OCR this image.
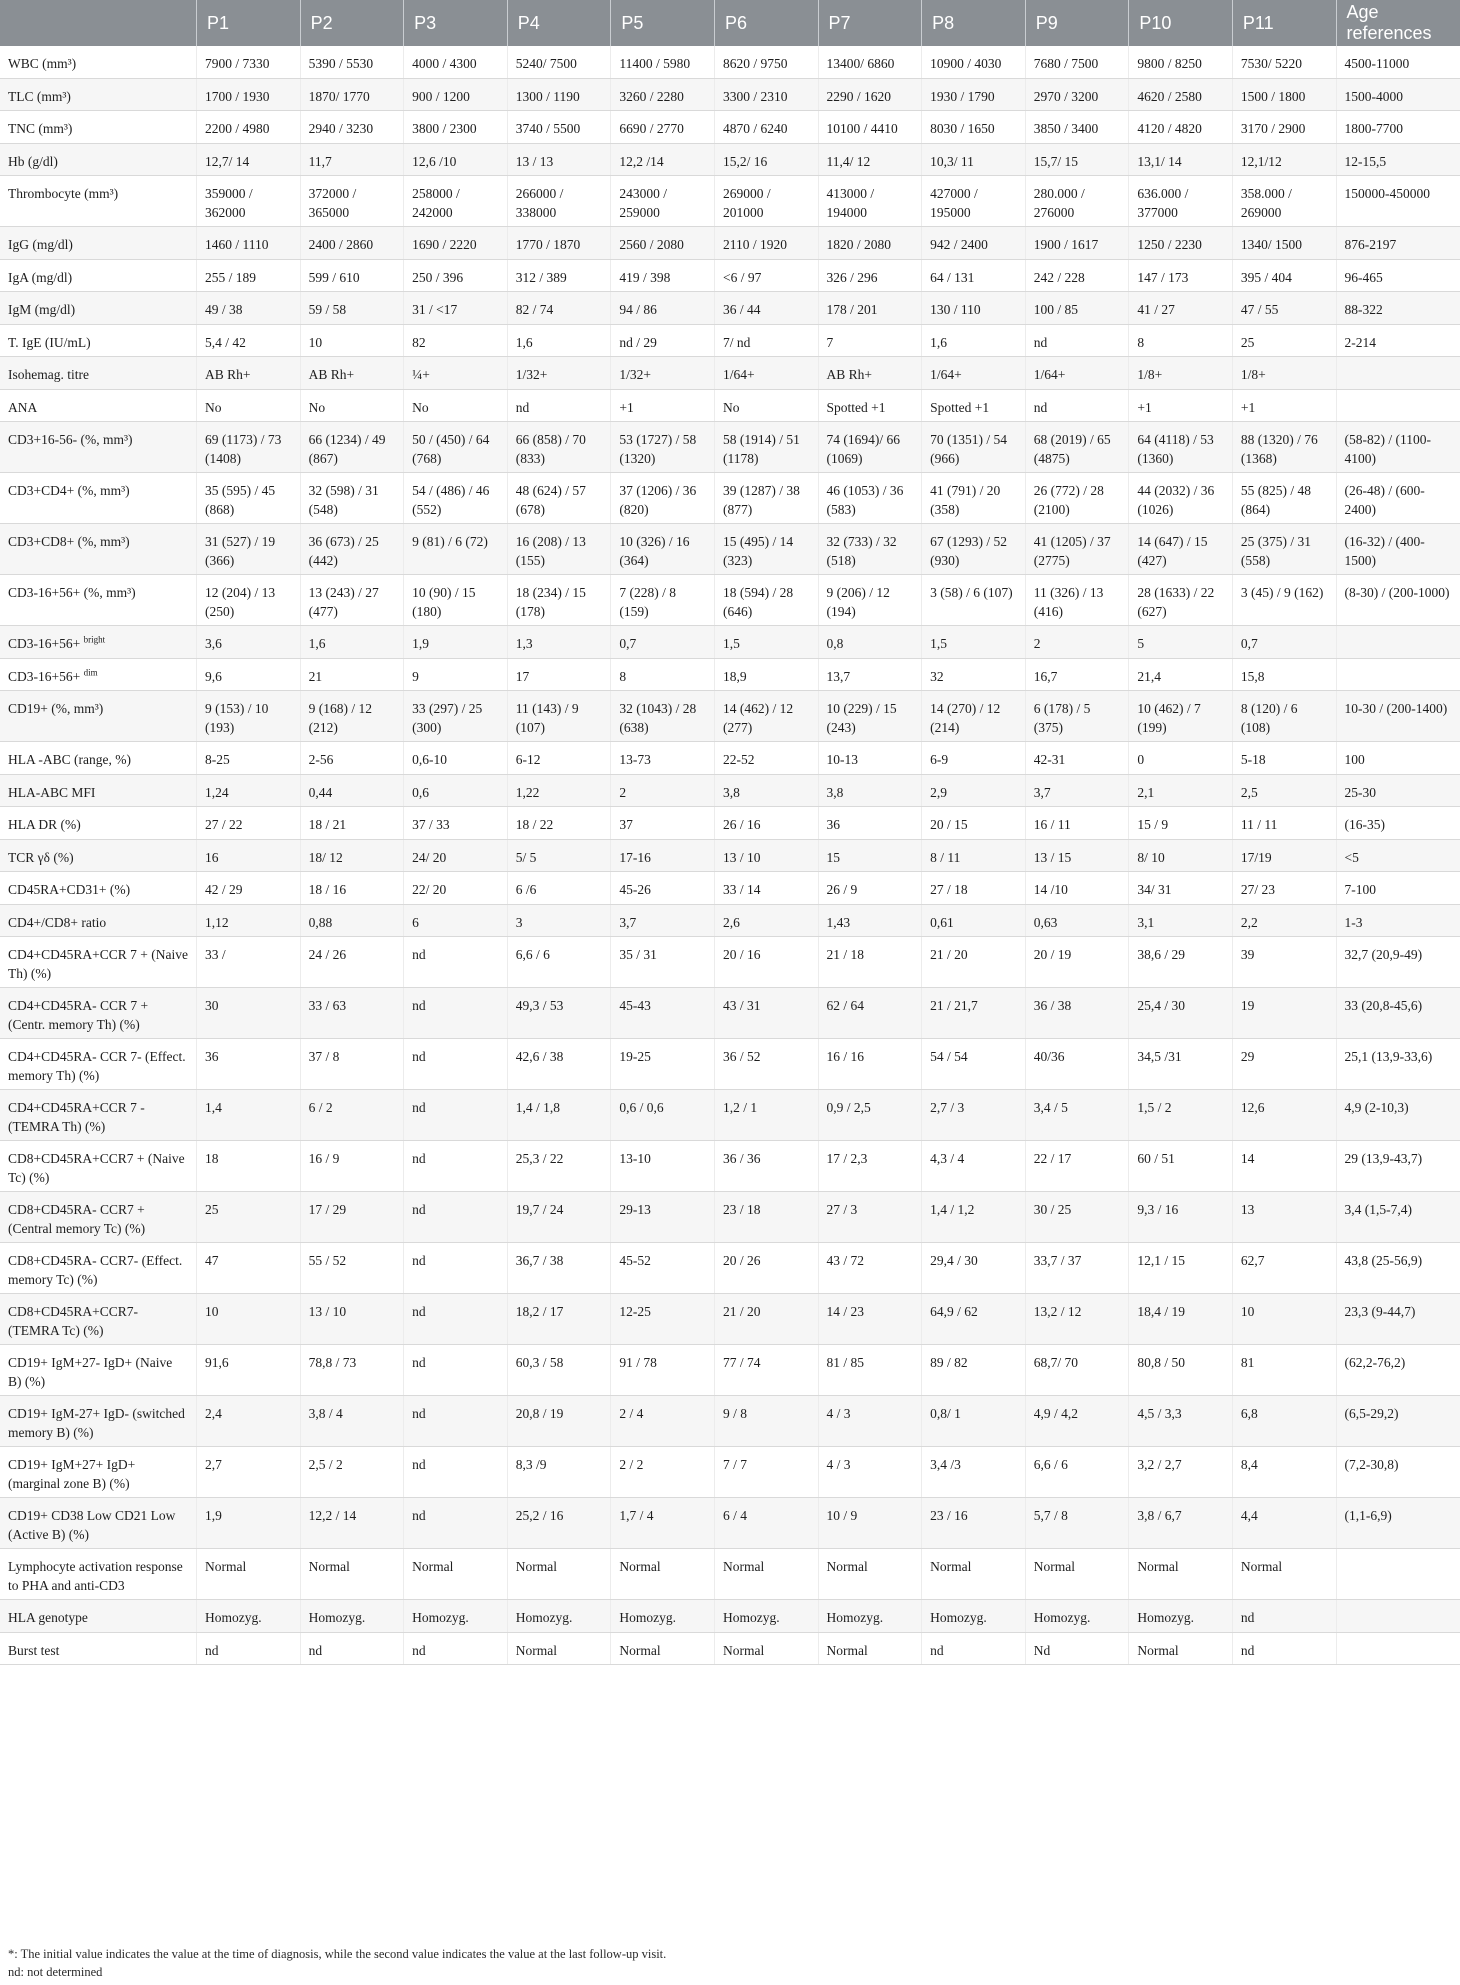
	P1	P2	P3	P4	P5	P6	P7	P8	P9	P10	P11	Age references
WBC (mm³)	7900 / 7330	5390 / 5530	4000 / 4300	5240/ 7500	11400 / 5980	8620 / 9750	13400/ 6860	10900 / 4030	7680 / 7500	9800 / 8250	7530/ 5220	4500-11000
TLC (mm³)	1700 / 1930	1870/ 1770	900 / 1200	1300 / 1190	3260 / 2280	3300 / 2310	2290 / 1620	1930 / 1790	2970 / 3200	4620 / 2580	1500 / 1800	1500-4000
TNC (mm³)	2200 / 4980	2940 / 3230	3800 / 2300	3740 / 5500	6690 / 2770	4870 / 6240	10100 / 4410	8030 / 1650	3850 / 3400	4120 / 4820	3170 / 2900	1800-7700
Hb (g/dl)	12,7/ 14	11,7	12,6 /10	13 / 13	12,2 /14	15,2/ 16	11,4/ 12	10,3/ 11	15,7/ 15	13,1/ 14	12,1/12	12-15,5
Thrombocyte (mm³)	359000 / 362000	372000 / 365000	258000 / 242000	266000 / 338000	243000 / 259000	269000 / 201000	413000 / 194000	427000 / 195000	280.000 / 276000	636.000 / 377000	358.000 / 269000	150000-450000
IgG (mg/dl)	1460 / 1110	2400 / 2860	1690 / 2220	1770 / 1870	2560 / 2080	2110 / 1920	1820 / 2080	942 / 2400	1900 / 1617	1250 / 2230	1340/ 1500	876-2197
IgA (mg/dl)	255 / 189	599 / 610	250 / 396	312 / 389	419 / 398	<6 / 97	326 / 296	64 / 131	242 / 228	147 / 173	395 / 404	96-465
IgM (mg/dl)	49 / 38	59 / 58	31 / <17	82 / 74	94 / 86	36 / 44	178 / 201	130 / 110	100 / 85	41 / 27	47 / 55	88-322
T. IgE (IU/mL)	5,4 / 42	10	82	1,6	nd / 29	7/ nd	7	1,6	nd	8	25	2-214
Isohemag. titre	AB Rh+	AB Rh+	¼+	1/32+	1/32+	1/64+	AB Rh+	1/64+	1/64+	1/8+	1/8+	
ANA	No	No	No	nd	+1	No	Spotted +1	Spotted +1	nd	+1	+1	
CD3+16-56- (%, mm³)	69 (1173) / 73 (1408)	66 (1234) / 49 (867)	50 / (450) / 64 (768)	66 (858) / 70 (833)	53 (1727) / 58 (1320)	58 (1914) / 51 (1178)	74 (1694)/ 66 (1069)	70 (1351) / 54 (966)	68 (2019) / 65 (4875)	64 (4118) / 53 (1360)	88 (1320) / 76 (1368)	(58-82) / (1100-4100)
CD3+CD4+ (%, mm³)	35 (595) / 45 (868)	32 (598) / 31 (548)	54 / (486) / 46 (552)	48 (624) / 57 (678)	37 (1206) / 36 (820)	39 (1287) / 38 (877)	46 (1053) / 36 (583)	41 (791) / 20 (358)	26 (772) / 28 (2100)	44 (2032) / 36 (1026)	55 (825) / 48 (864)	(26-48) / (600-2400)
CD3+CD8+ (%, mm³)	31 (527) / 19 (366)	36 (673) / 25 (442)	9 (81) / 6 (72)	16 (208) / 13 (155)	10 (326) / 16 (364)	15 (495) / 14 (323)	32 (733) / 32 (518)	67 (1293) / 52 (930)	41 (1205) / 37 (2775)	14 (647) / 15 (427)	25 (375) / 31 (558)	(16-32) / (400-1500)
CD3-16+56+ (%, mm³)	12 (204) / 13 (250)	13 (243) / 27 (477)	10 (90) / 15 (180)	18 (234) / 15 (178)	7 (228) / 8 (159)	18 (594) / 28 (646)	9 (206) / 12 (194)	3 (58) / 6 (107)	11 (326) / 13 (416)	28 (1633) / 22 (627)	3 (45) / 9 (162)	(8-30) / (200-1000)
CD3-16+56+ $^{bright}$	3,6	1,6	1,9	1,3	0,7	1,5	0,8	1,5	2	5	0,7	
CD3-16+56+ $^{dim}$	9,6	21	9	17	8	18,9	13,7	32	16,7	21,4	15,8	
CD19+ (%, mm³)	9 (153) / 10 (193)	9 (168) / 12 (212)	33 (297) / 25 (300)	11 (143) / 9 (107)	32 (1043) / 28 (638)	14 (462) / 12 (277)	10 (229) / 15 (243)	14 (270) / 12 (214)	6 (178) / 5 (375)	10 (462) / 7 (199)	8 (120) / 6 (108)	10-30 / (200-1400)
HLA -ABC (range, %)	8-25	2-56	0,6-10	6-12	13-73	22-52	10-13	6-9	42-31	0	5-18	100
HLA-ABC MFI	1,24	0,44	0,6	1,22	2	3,8	3,8	2,9	3,7	2,1	2,5	25-30
HLA DR (%)	27 / 22	18 / 21	37 / 33	18 / 22	37	26 / 16	36	20 / 15	16 / 11	15 / 9	11 / 11	(16-35)
TCR γδ (%)	16	18/ 12	24/ 20	5/ 5	17-16	13 / 10	15	8 / 11	13 / 15	8/ 10	17/19	<5
CD45RA+CD31+ (%)	42 / 29	18 / 16	22/ 20	6 /6	45-26	33 / 14	26 / 9	27 / 18	14 /10	34/ 31	27/ 23	7-100
CD4+/CD8+ ratio	1,12	0,88	6	3	3,7	2,6	1,43	0,61	0,63	3,1	2,2	1-3
CD4+CD45RA+CCR 7 + (Naive Th) (%)	33 /	24 / 26	nd	6,6 / 6	35 / 31	20 / 16	21 / 18	21 / 20	20 / 19	38,6 / 29	39	32,7 (20,9-49)
CD4+CD45RA- CCR 7 + (Centr. memory Th) (%)	30	33 / 63	nd	49,3 / 53	45-43	43 / 31	62 / 64	21 / 21,7	36 / 38	25,4 / 30	19	33 (20,8-45,6)
CD4+CD45RA- CCR 7- (Effect. memory Th) (%)	36	37 / 8	nd	42,6 / 38	19-25	36 / 52	16 / 16	54 / 54	40/36	34,5 /31	29	25,1 (13,9-33,6)
CD4+CD45RA+CCR 7 - (TEMRA Th) (%)	1,4	6 / 2	nd	1,4 / 1,8	0,6 / 0,6	1,2 / 1	0,9 / 2,5	2,7 / 3	3,4 / 5	1,5 / 2	12,6	4,9 (2-10,3)
CD8+CD45RA+CCR7 + (Naive Tc) (%)	18	16 / 9	nd	25,3 / 22	13-10	36 / 36	17 / 2,3	4,3 / 4	22 / 17	60 / 51	14	29 (13,9-43,7)
CD8+CD45RA- CCR7 + (Central memory Tc) (%)	25	17 / 29	nd	19,7 / 24	29-13	23 / 18	27 / 3	1,4 / 1,2	30 / 25	9,3 / 16	13	3,4 (1,5-7,4)
CD8+CD45RA- CCR7- (Effect. memory Tc) (%)	47	55 / 52	nd	36,7 / 38	45-52	20 / 26	43 / 72	29,4 / 30	33,7 / 37	12,1 / 15	62,7	43,8 (25-56,9)
CD8+CD45RA+CCR7- (TEMRA Tc) (%)	10	13 / 10	nd	18,2 / 17	12-25	21 / 20	14 / 23	64,9 / 62	13,2 / 12	18,4 / 19	10	23,3 (9-44,7)
CD19+ IgM+27- IgD+ (Naive B) (%)	91,6	78,8 / 73	nd	60,3 / 58	91 / 78	77 / 74	81 / 85	89 / 82	68,7/ 70	80,8 / 50	81	(62,2-76,2)
CD19+ IgM-27+ IgD- (switched memory B) (%)	2,4	3,8 / 4	nd	20,8 / 19	2 / 4	9 / 8	4 / 3	0,8/ 1	4,9 / 4,2	4,5 / 3,3	6,8	(6,5-29,2)
CD19+ IgM+27+ IgD+ (marginal zone B) (%)	2,7	2,5 / 2	nd	8,3 /9	2 / 2	7 / 7	4 / 3	3,4 /3	6,6 / 6	3,2 / 2,7	8,4	(7,2-30,8)
CD19+ CD38 Low CD21 Low (Active B) (%)	1,9	12,2 / 14	nd	25,2 / 16	1,7 / 4	6 / 4	10 / 9	23 / 16	5,7 / 8	3,8 / 6,7	4,4	(1,1-6,9)
Lymphocyte activation response to PHA and anti-CD3	Normal	Normal	Normal	Normal	Normal	Normal	Normal	Normal	Normal	Normal	Normal	
HLA genotype	Homozyg.	Homozyg.	Homozyg.	Homozyg.	Homozyg.	Homozyg.	Homozyg.	Homozyg.	Homozyg.	Homozyg.	nd	
Burst test	nd	nd	nd	Normal	Normal	Normal	Normal	nd	Nd	Normal	nd	
*: The initial value indicates the value at the time of diagnosis, while the second value indicates the value at the last follow-up visit.
nd: not determined
